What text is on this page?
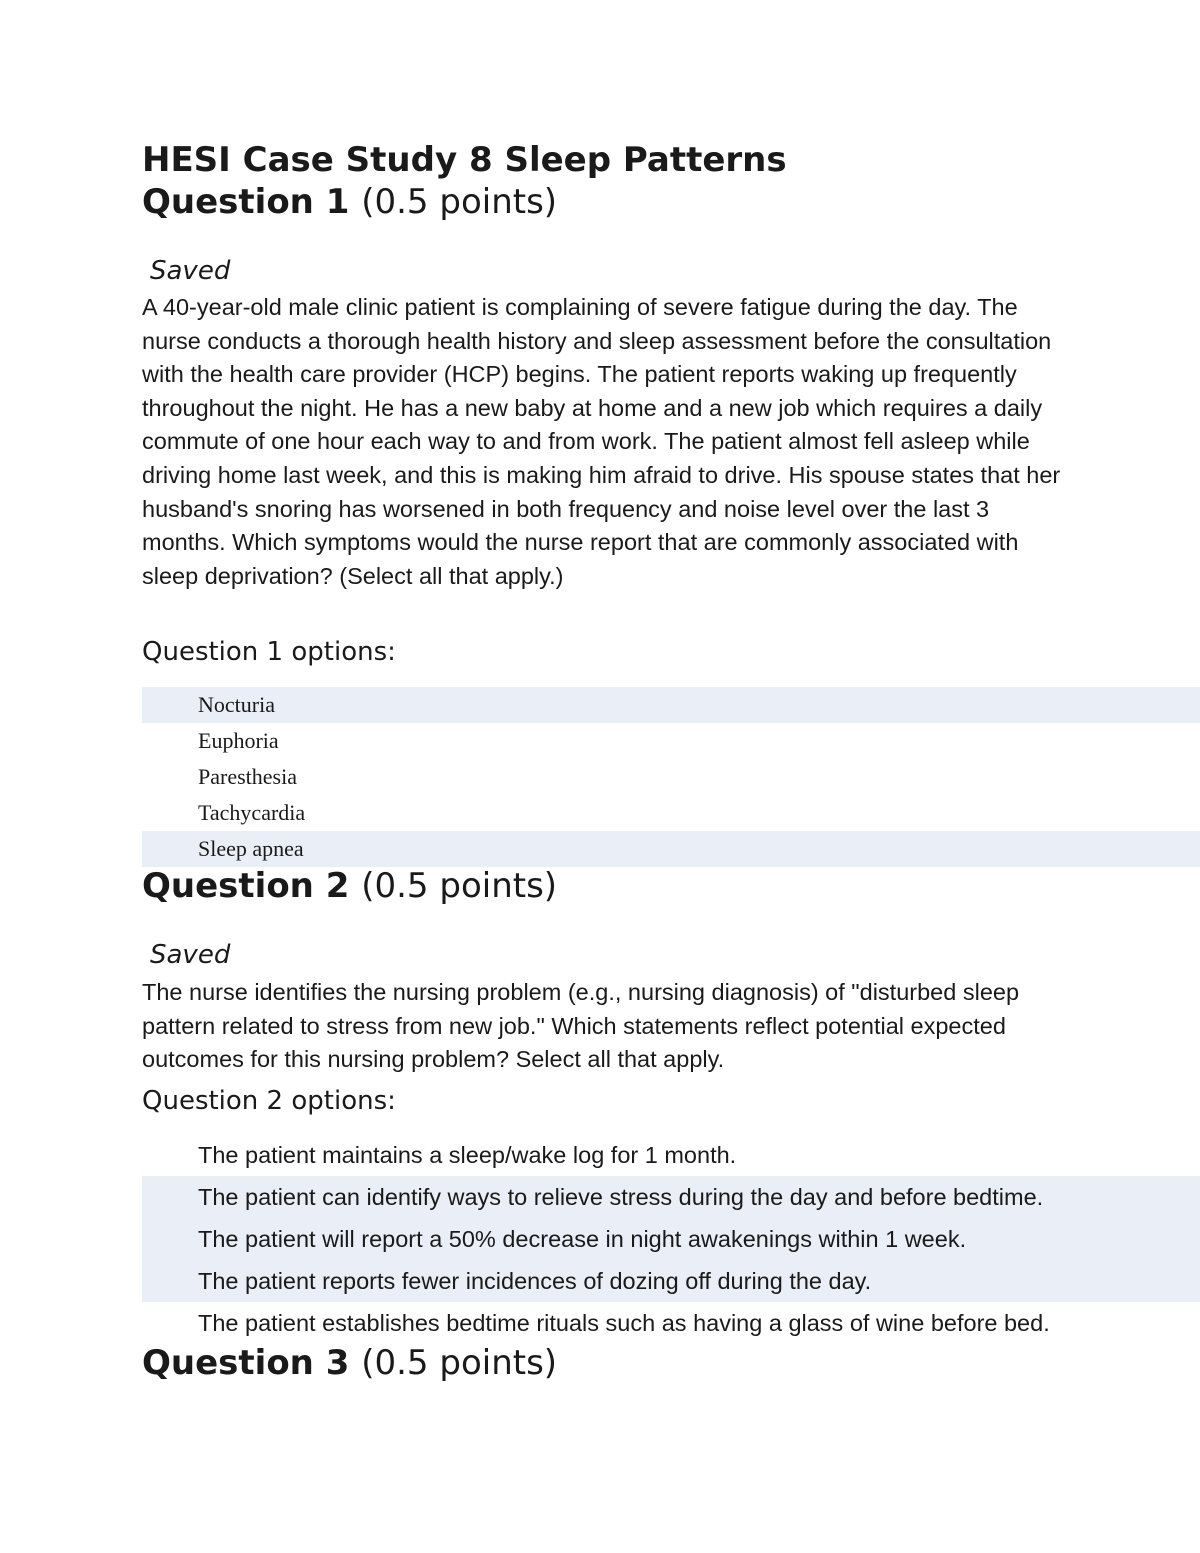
HESI Case Study 8 Sleep Patterns
Question 1 (0.5 points)
Saved
A 40-year-old male clinic patient is complaining of severe fatigue during the day. The nurse conducts a thorough health history and sleep assessment before the consultation with the health care provider (HCP) begins. The patient reports waking up frequently throughout the night. He has a new baby at home and a new job which requires a daily commute of one hour each way to and from work. The patient almost fell asleep while driving home last week, and this is making him afraid to drive. His spouse states that her husband's snoring has worsened in both frequency and noise level over the last 3 months. Which symptoms would the nurse report that are commonly associated with sleep deprivation? (Select all that apply.)
Question 1 options:
Nocturia
Euphoria
Paresthesia
Tachycardia
Sleep apnea
Question 2 (0.5 points)
Saved
The nurse identifies the nursing problem (e.g., nursing diagnosis) of "disturbed sleep pattern related to stress from new job." Which statements reflect potential expected outcomes for this nursing problem? Select all that apply.
Question 2 options:
The patient maintains a sleep/wake log for 1 month.
The patient can identify ways to relieve stress during the day and before bedtime.
The patient will report a 50% decrease in night awakenings within 1 week.
The patient reports fewer incidences of dozing off during the day.
The patient establishes bedtime rituals such as having a glass of wine before bed.
Question 3 (0.5 points)
